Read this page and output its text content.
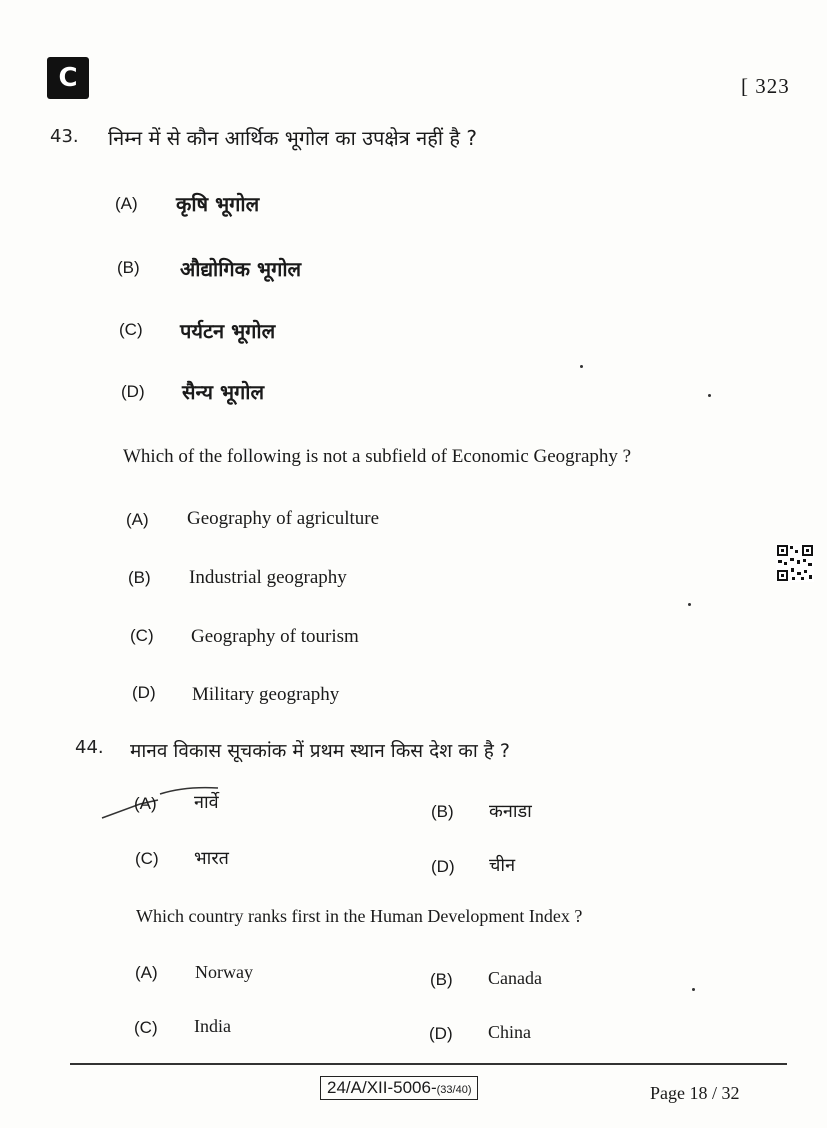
C	[ 323
43. निम्न में से कौन आर्थिक भूगोल का उपक्षेत्र नहीं है ?
(A) कृषि भूगोल
(B) औद्योगिक भूगोल
(C) पर्यटन भूगोल
(D) सैन्य भूगोल
Which of the following is not a subfield of Economic Geography ?
(A) Geography of agriculture
(B) Industrial geography
(C) Geography of tourism
(D) Military geography
44. मानव विकास सूचकांक में प्रथम स्थान किस देश का है ?
(A) नार्वे	(B) कनाडा
(C) भारत	(D) चीन
Which country ranks first in the Human Development Index ?
(A) Norway	(B) Canada
(C) India	(D) China
24/A/XII-5006-(33/40)	Page 18 / 32
